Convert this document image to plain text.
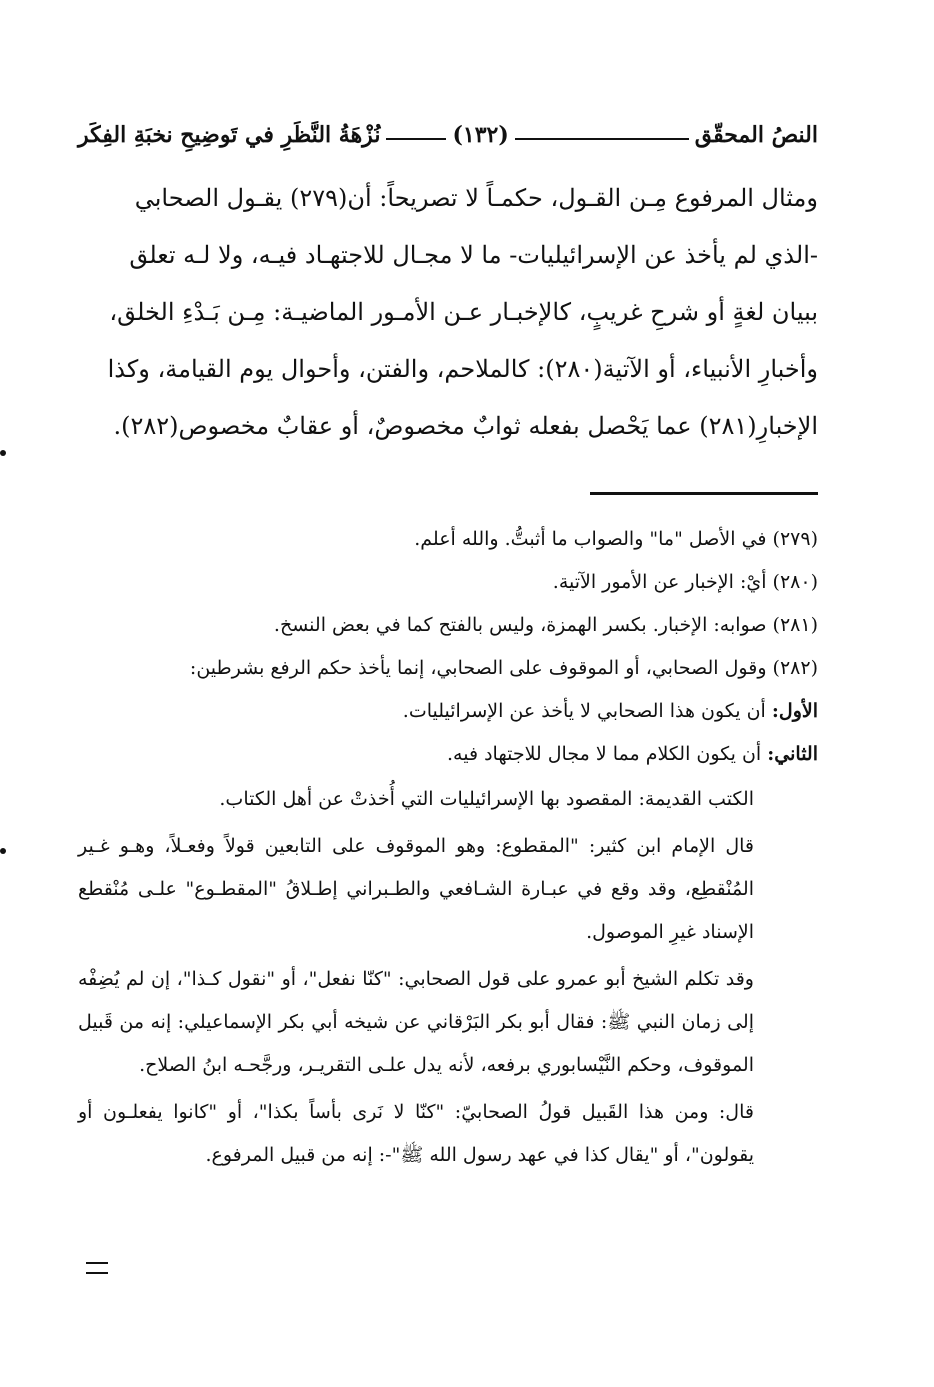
النصُ المحقّق
(١٣٢)
نُزْهَةُ النَّظَرِ في تَوضِيحِ نخبَةِ الفِكَر

ومثال المرفوع مِـن القـول، حكمـاً لا تصريحاً: أن(٢٧٩) يقـول الصحابي

-الذي لم يأخذ عن الإسرائيليات- ما لا مجـال للاجتهـاد فيـه، ولا لـه تعلق

ببيان لغةٍ أو شرحِ غريبٍ، كالإخبـار عـن الأمـور الماضيـة: مِـن بَـدْءِ الخلق،

وأخبارِ الأنبياء، أو الآتية(٢٨٠): كالملاحم، والفتن، وأحوال يوم القيامة، وكذا

الإخبارِ(٢٨١) عما يَحْصل بفعله ثوابٌ مخصوصٌ، أو عقابٌ مخصوص(٢٨٢).

(٢٧٩) في الأصل "ما" والصواب ما أثبتُّ. والله أعلم.

(٢٨٠) أيْ: الإخبار عن الأمور الآتية.

(٢٨١) صوابه: الإخبار. بكسر الهمزة، وليس بالفتح كما في بعض النسخ.

(٢٨٢) وقول الصحابي، أو الموقوف على الصحابي، إنما يأخذ حكم الرفع بشرطين:

الأول: أن يكون هذا الصحابي لا يأخذ عن الإسرائيليات.

الثاني: أن يكون الكلام مما لا مجال للاجتهاد فيه.

الكتب القديمة: المقصود بها الإسرائيليات التي أُخذتْ عن أهل الكتاب.

قال الإمام ابن كثير: "المقطوع: وهو الموقوف على التابعين قولاً وفعـلاً، وهـو غـير المُنْقطِع، وقد وقع في عبـارة الشـافعي والطـبراني إطـلاقُ "المقطـوع" علـى مُنْقطع الإسناد غيرِ الموصول.

وقد تكلم الشيخ أبو عمرو على قول الصحابي: "كنّا نفعل"، أو "نقول كـذا"، إن لم يُضِفْه إلى زمان النبي ﷺ: فقال أبو بكر البَرْقاني عن شيخه أبي بكر الإسماعيلي: إنه من قَبيل الموقوف، وحكم النَّيْسابوري برفعه، لأنه يدل علـى التقريـر، ورجَّحـه ابنُ الصلاح.

قال: ومن هذا القَبيل قولُ الصحابيّ: "كنّا لا نَرى بأساً بكذا"، أو "كانوا يفعلـون أو يقولون"، أو "يقال كذا في عهد رسول الله ﷺ"-: إنه من قبيل المرفوع.
